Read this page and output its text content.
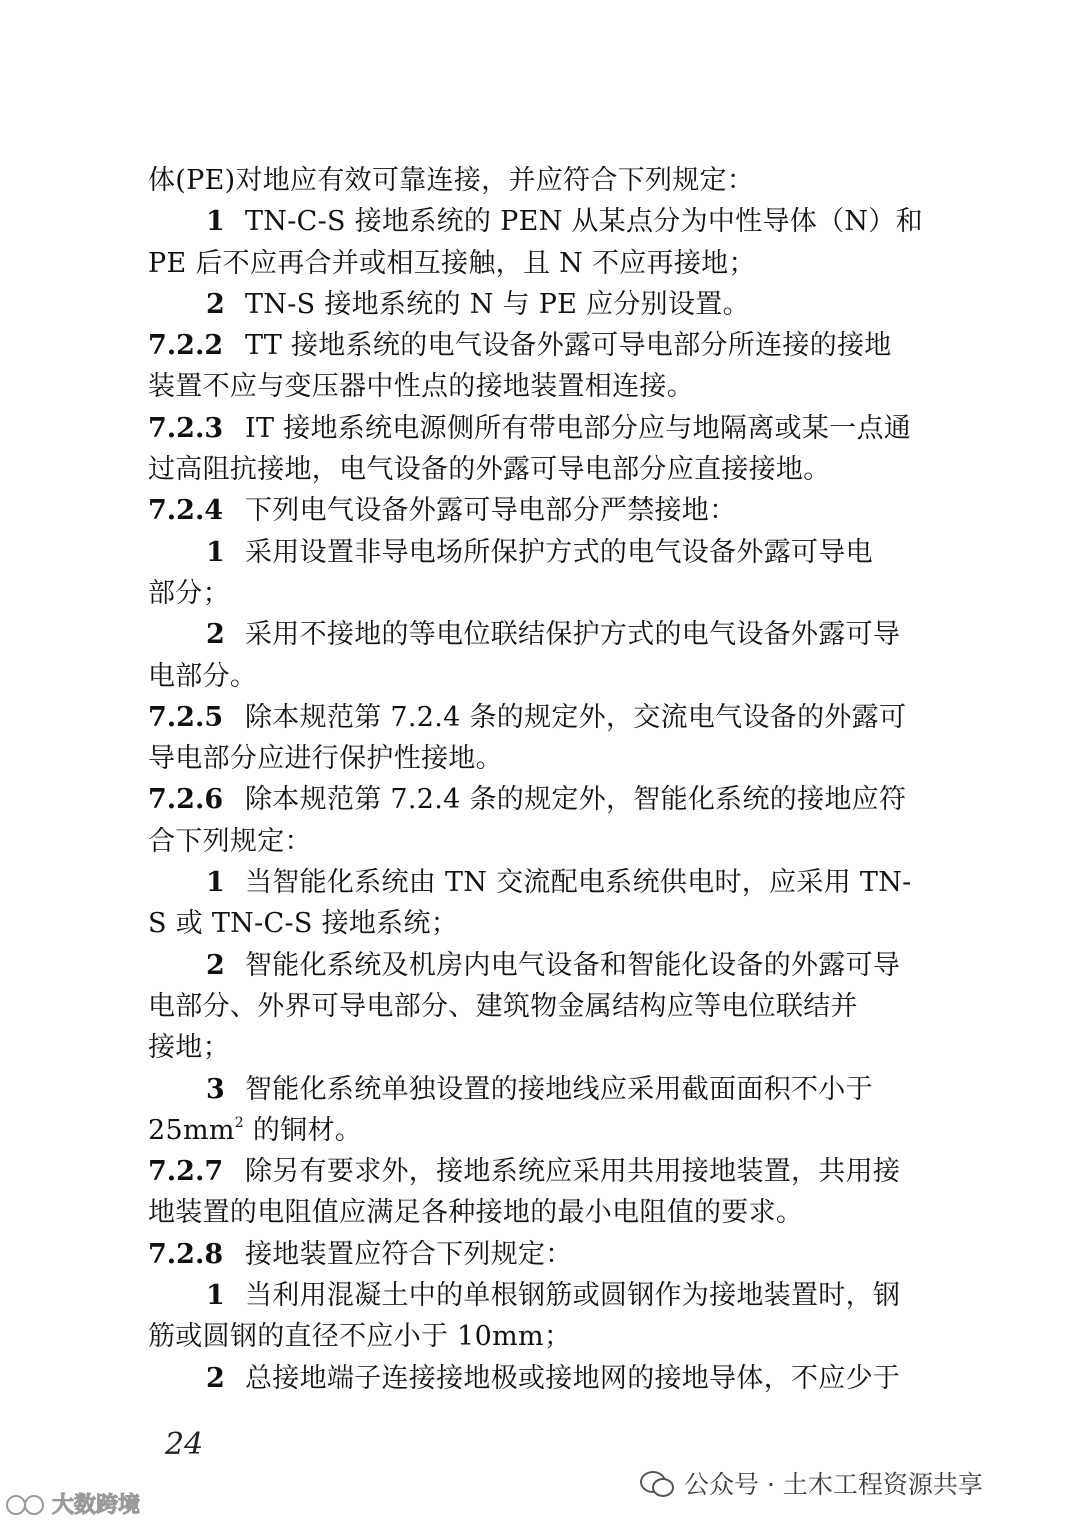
体(PE)对地应有效可靠连接，并应符合下列规定：
1 TN-C-S 接地系统的 PEN 从某点分为中性导体（N）和
PE 后不应再合并或相互接触，且 N 不应再接地；
2 TN-S 接地系统的 N 与 PE 应分别设置。
7.2.2 TT 接地系统的电气设备外露可导电部分所连接的接地
装置不应与变压器中性点的接地装置相连接。
7.2.3 IT 接地系统电源侧所有带电部分应与地隔离或某一点通
过高阻抗接地，电气设备的外露可导电部分应直接接地。
7.2.4 下列电气设备外露可导电部分严禁接地：
1 采用设置非导电场所保护方式的电气设备外露可导电
部分；
2 采用不接地的等电位联结保护方式的电气设备外露可导
电部分。
7.2.5 除本规范第 7.2.4 条的规定外，交流电气设备的外露可
导电部分应进行保护性接地。
7.2.6 除本规范第 7.2.4 条的规定外，智能化系统的接地应符
合下列规定：
1 当智能化系统由 TN 交流配电系统供电时，应采用 TN-
S 或 TN-C-S 接地系统；
2 智能化系统及机房内电气设备和智能化设备的外露可导
电部分、外界可导电部分、建筑物金属结构应等电位联结并
接地；
3 智能化系统单独设置的接地线应采用截面面积不小于
$25mm^2$ 的铜材。
7.2.7 除另有要求外，接地系统应采用共用接地装置，共用接
地装置的电阻值应满足各种接地的最小电阻值的要求。
7.2.8 接地装置应符合下列规定：
1 当利用混凝土中的单根钢筋或圆钢作为接地装置时，钢
筋或圆钢的直径不应小于 10mm；
2 总接地端子连接接地极或接地网的接地导体，不应少于
24
公众号 · 土木工程资源共享
大数跨境
